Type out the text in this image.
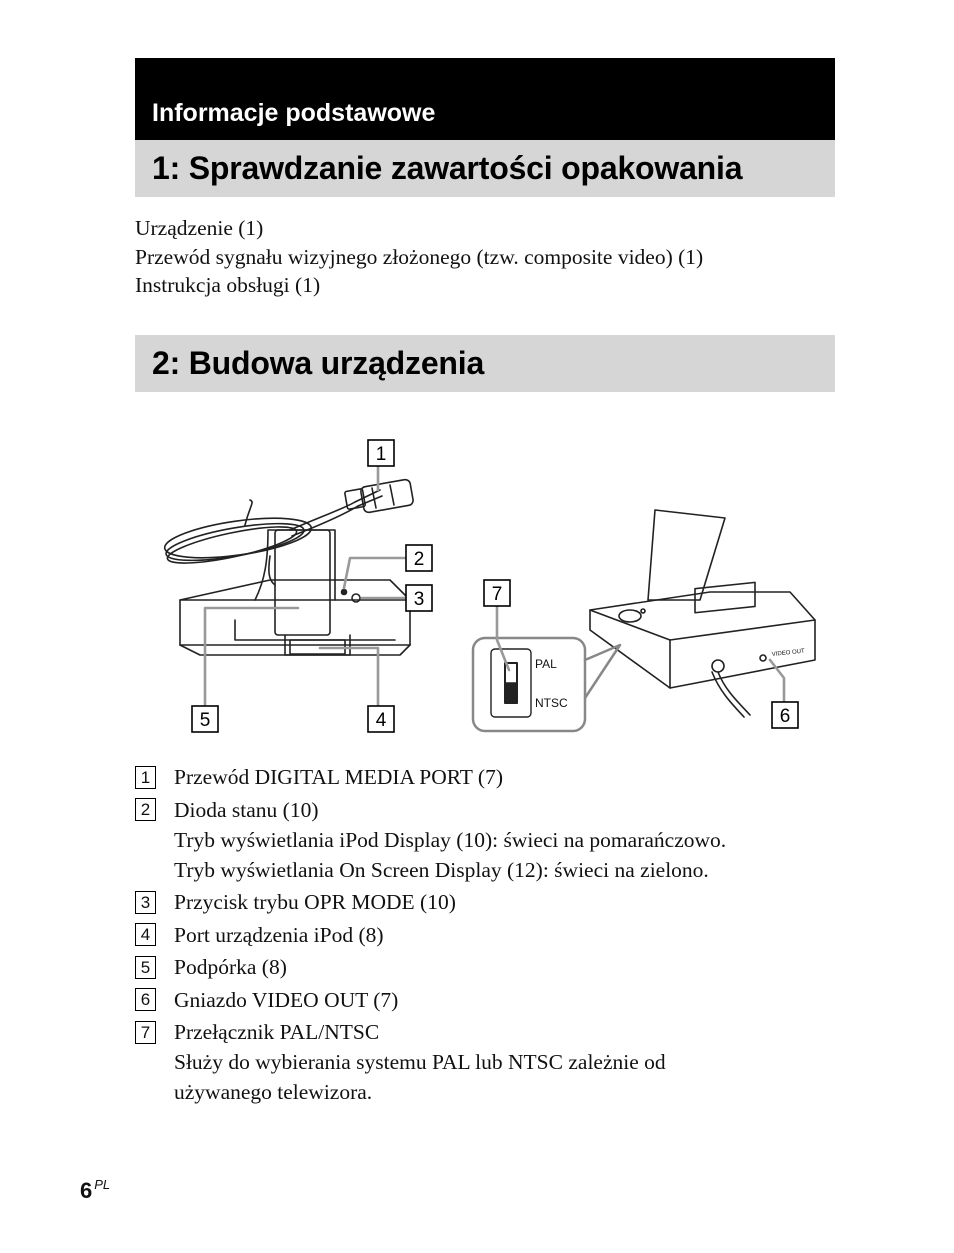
Informacje podstawowe
1: Sprawdzanie zawartości opakowania
Urządzenie (1)
Przewód sygnału wizyjnego złożonego (tzw. composite video) (1)
Instrukcja obsługi (1)
2: Budowa urządzenia
PAL
NTSC
VIDEO OUT
1
2
3
4
5	6
7
1 Przewód DIGITAL MEDIA PORT (7)
2 Dioda stanu (10)
Tryb wyświetlania iPod Display (10): świeci na pomarańczowo.
Tryb wyświetlania On Screen Display (12): świeci na zielono.
3 Przycisk trybu OPR MODE (10)
4 Port urządzenia iPod (8)
5 Podpórka (8)
6 Gniazdo VIDEO OUT (7)
7 Przełącznik PAL/NTSC
Służy do wybierania systemu PAL lub NTSC zależnie od
używanego telewizora.
6 $^{PL}$
